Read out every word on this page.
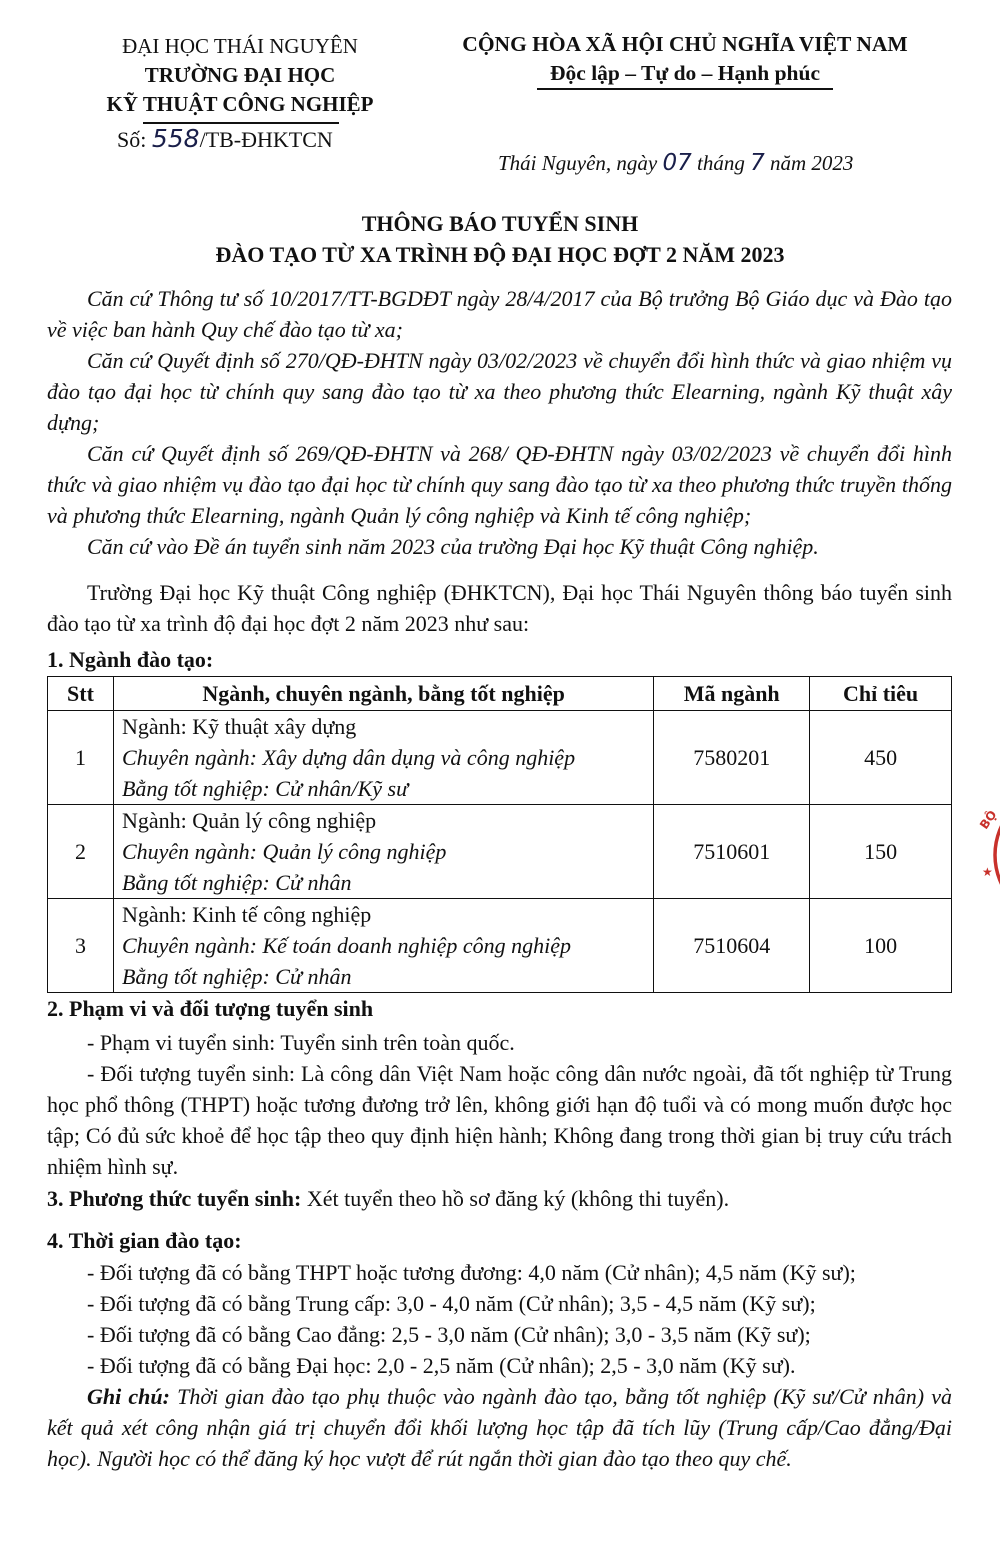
ĐẠI HỌC THÁI NGUYÊN
TRƯỜNG ĐẠI HỌC
KỸ THUẬT CÔNG NGHIỆP
Số: 558/TB-ĐHKTCN
CỘNG HÒA XÃ HỘI CHỦ NGHĨA VIỆT NAM
Độc lập – Tự do – Hạnh phúc
Thái Nguyên, ngày 07 tháng 7 năm 2023
THÔNG BÁO TUYỂN SINH
ĐÀO TẠO TỪ XA TRÌNH ĐỘ ĐẠI HỌC ĐỢT 2 NĂM 2023
Căn cứ Thông tư số 10/2017/TT-BGDĐT ngày 28/4/2017 của Bộ trưởng Bộ Giáo dục và Đào tạo về việc ban hành Quy chế đào tạo từ xa;
Căn cứ Quyết định số 270/QĐ-ĐHTN ngày 03/02/2023 về chuyển đổi hình thức và giao nhiệm vụ đào tạo đại học từ chính quy sang đào tạo từ xa theo phương thức Elearning, ngành Kỹ thuật xây dựng;
Căn cứ Quyết định số 269/QĐ-ĐHTN và 268/ QĐ-ĐHTN ngày 03/02/2023 về chuyển đổi hình thức và giao nhiệm vụ đào tạo đại học từ chính quy sang đào tạo từ xa theo phương thức truyền thống và phương thức Elearning, ngành Quản lý công nghiệp và Kinh tế công nghiệp;
Căn cứ vào Đề án tuyển sinh năm 2023 của trường Đại học Kỹ thuật Công nghiệp.
Trường Đại học Kỹ thuật Công nghiệp (ĐHKTCN), Đại học Thái Nguyên thông báo tuyển sinh đào tạo từ xa trình độ đại học đợt 2 năm 2023 như sau:
1. Ngành đào tạo:
Stt	Ngành, chuyên ngành, bằng tốt nghiệp	Mã ngành	Chỉ tiêu
1	Ngành: Kỹ thuật xây dựng
Chuyên ngành: Xây dựng dân dụng và công nghiệp
Bằng tốt nghiệp: Cử nhân/Kỹ sư	7580201	450
2	Ngành: Quản lý công nghiệp
Chuyên ngành: Quản lý công nghiệp
Bằng tốt nghiệp: Cử nhân	7510601	150
3	Ngành: Kinh tế công nghiệp
Chuyên ngành: Kế toán doanh nghiệp công nghiệp
Bằng tốt nghiệp: Cử nhân	7510604	100
2. Phạm vi và đối tượng tuyển sinh
- Phạm vi tuyển sinh: Tuyển sinh trên toàn quốc.
- Đối tượng tuyển sinh: Là công dân Việt Nam hoặc công dân nước ngoài, đã tốt nghiệp từ Trung học phổ thông (THPT) hoặc tương đương trở lên, không giới hạn độ tuổi và có mong muốn được học tập; Có đủ sức khoẻ để học tập theo quy định hiện hành; Không đang trong thời gian bị truy cứu trách nhiệm hình sự.
3. Phương thức tuyển sinh: Xét tuyển theo hồ sơ đăng ký (không thi tuyển).
4. Thời gian đào tạo:
- Đối tượng đã có bằng THPT hoặc tương đương: 4,0 năm (Cử nhân); 4,5 năm (Kỹ sư);
- Đối tượng đã có bằng Trung cấp: 3,0 - 4,0 năm (Cử nhân); 3,5 - 4,5 năm (Kỹ sư);
- Đối tượng đã có bằng Cao đẳng: 2,5 - 3,0 năm (Cử nhân); 3,0 - 3,5 năm (Kỹ sư);
- Đối tượng đã có bằng Đại học: 2,0 - 2,5 năm (Cử nhân); 2,5 - 3,0 năm (Kỹ sư).
Ghi chú: Thời gian đào tạo phụ thuộc vào ngành đào tạo, bằng tốt nghiệp (Kỹ sư/Cử nhân) và kết quả xét công nhận giá trị chuyển đổi khối lượng học tập đã tích lũy (Trung cấp/Cao đẳng/Đại học). Người học có thể đăng ký học vượt để rút ngắn thời gian đào tạo theo quy chế.
BỘ
★
